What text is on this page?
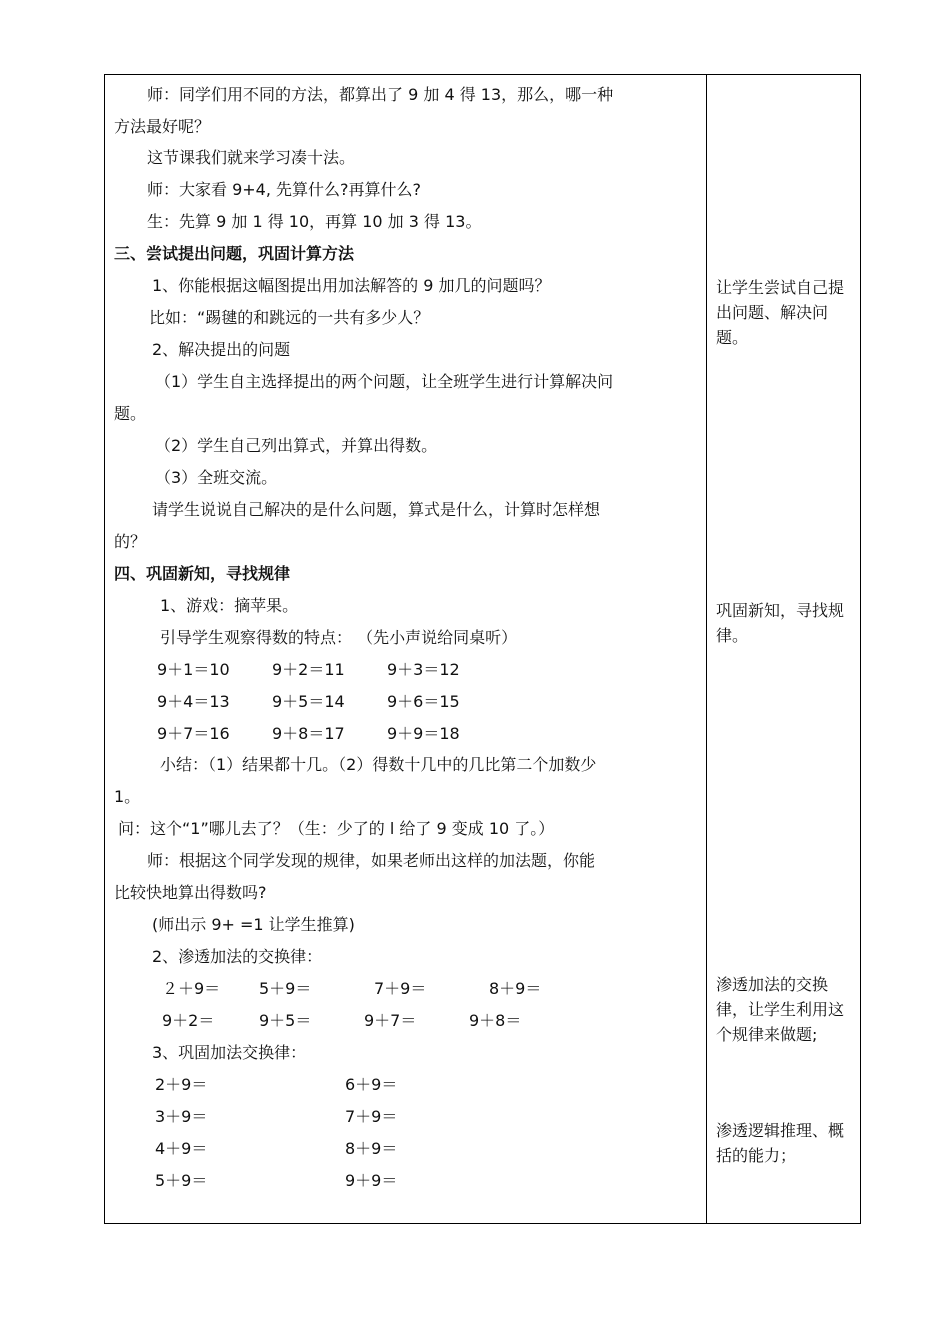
师：同学们用不同的方法，都算出了 9 加 4 得 13，那么，哪一种
方法最好呢？
这节课我们就来学习凑十法。
师：大家看 9+4, 先算什么?再算什么?
生：先算 9 加 1 得 10，再算 10 加 3 得 13。
三、尝试提出问题，巩固计算方法
1、你能根据这幅图提出用加法解答的 9 加几的问题吗？
比如：“踢毽的和跳远的一共有多少人？
2、解决提出的问题
（1）学生自主选择提出的两个问题，让全班学生进行计算解决问
题。
（2）学生自己列出算式，并算出得数。
（3）全班交流。
请学生说说自己解决的是什么问题，算式是什么，计算时怎样想
的？
四、巩固新知，寻找规律
1、游戏：摘苹果。
引导学生观察得数的特点： （先小声说给同桌听）
9＋1＝10	9＋2＝11	9＋3＝12
9＋4＝13	9＋5＝14	9＋6＝15
9＋7＝16	9＋8＝17	9＋9＝18
小结：（1）结果都十几。（2）得数十几中的几比第二个加数少
1。
问：这个“1”哪儿去了？（生：少了的 l 给了 9 变成 10 了。）
师：根据这个同学发现的规律，如果老师出这样的加法题，你能
比较快地算出得数吗?
(师出示 9+ =1 让学生推算)
2、渗透加法的交换律：
２＋9＝ 5＋9＝	7＋9＝	8＋9＝
9＋2＝	9＋5＝	9＋7＝	9＋8＝
3、巩固加法交换律：
2＋9＝	6＋9＝
3＋9＝	7＋9＝
4＋9＝	8＋9＝
5＋9＝	9＋9＝
让学生尝试自己提出问题、解决问题。
巩固新知，寻找规律。
渗透加法的交换律，让学生利用这个规律来做题;
渗透逻辑推理、概括的能力；
